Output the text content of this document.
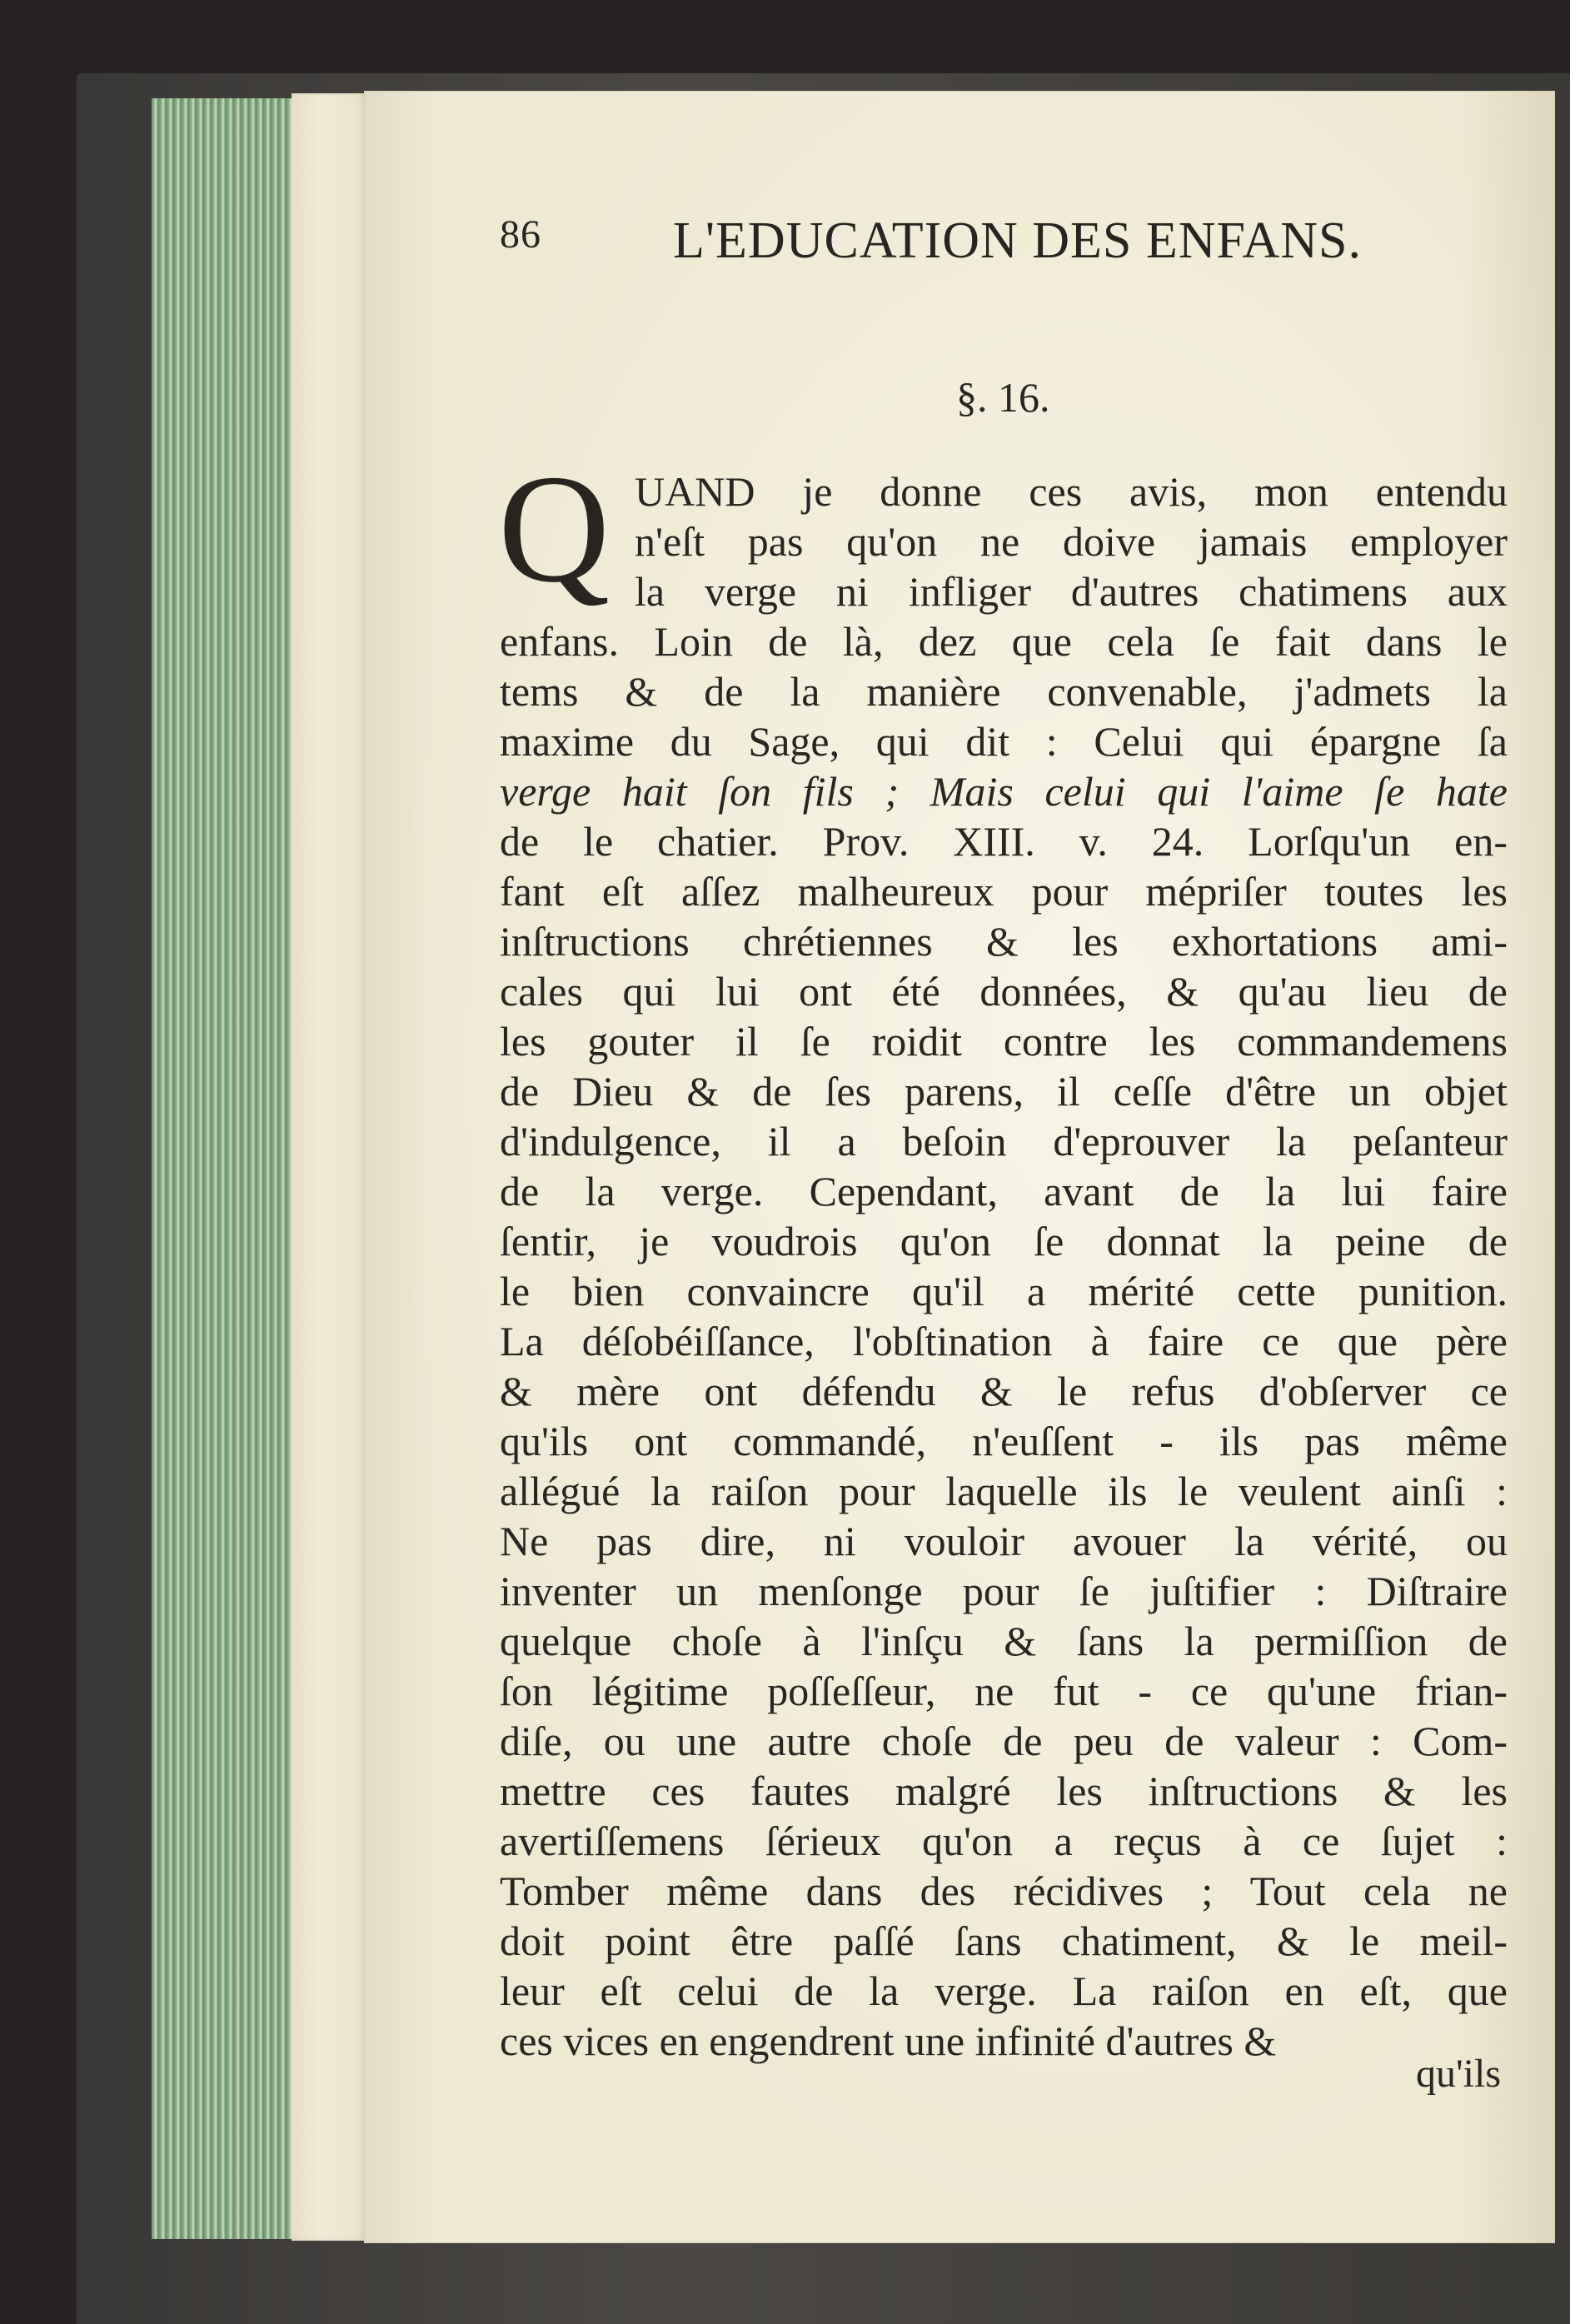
86	L'EDUCATION DES ENFANS.
§. 16.
Q UAND je donne ces avis, mon entendu
n'eſt pas qu'on ne doive jamais employer
la verge ni infliger d'autres chatimens aux
enfans. Loin de là, dez que cela ſe fait dans le
tems & de la manière convenable, j'admets la
maxime du Sage, qui dit : Celui qui épargne ſa
verge hait ſon fils ; Mais celui qui l'aime ſe hate
de le chatier. Prov. XIII. v. 24. Lorſqu'un en-
fant eſt aſſez malheureux pour mépriſer toutes les
inſtructions chrétiennes & les exhortations ami-
cales qui lui ont été données, & qu'au lieu de
les gouter il ſe roidit contre les commandemens
de Dieu & de ſes parens, il ceſſe d'être un objet
d'indulgence, il a beſoin d'eprouver la peſanteur
de la verge. Cependant, avant de la lui faire
ſentir, je voudrois qu'on ſe donnat la peine de
le bien convaincre qu'il a mérité cette punition.
La déſobéiſſance, l'obſtination à faire ce que père
& mère ont défendu & le refus d'obſerver ce
qu'ils ont commandé, n'euſſent - ils pas même
allégué la raiſon pour laquelle ils le veulent ainſi :
Ne pas dire, ni vouloir avouer la vérité, ou
inventer un menſonge pour ſe juſtifier : Diſtraire
quelque choſe à l'inſçu & ſans la permiſſion de
ſon légitime poſſeſſeur, ne fut - ce qu'une frian-
diſe, ou une autre choſe de peu de valeur : Com-
mettre ces fautes malgré les inſtructions & les
avertiſſemens ſérieux qu'on a reçus à ce ſujet :
Tomber même dans des récidives ; Tout cela ne
doit point être paſſé ſans chatiment, & le meil-
leur eſt celui de la verge. La raiſon en eſt, que
ces vices en engendrent une infinité d'autres &
qu'ils
